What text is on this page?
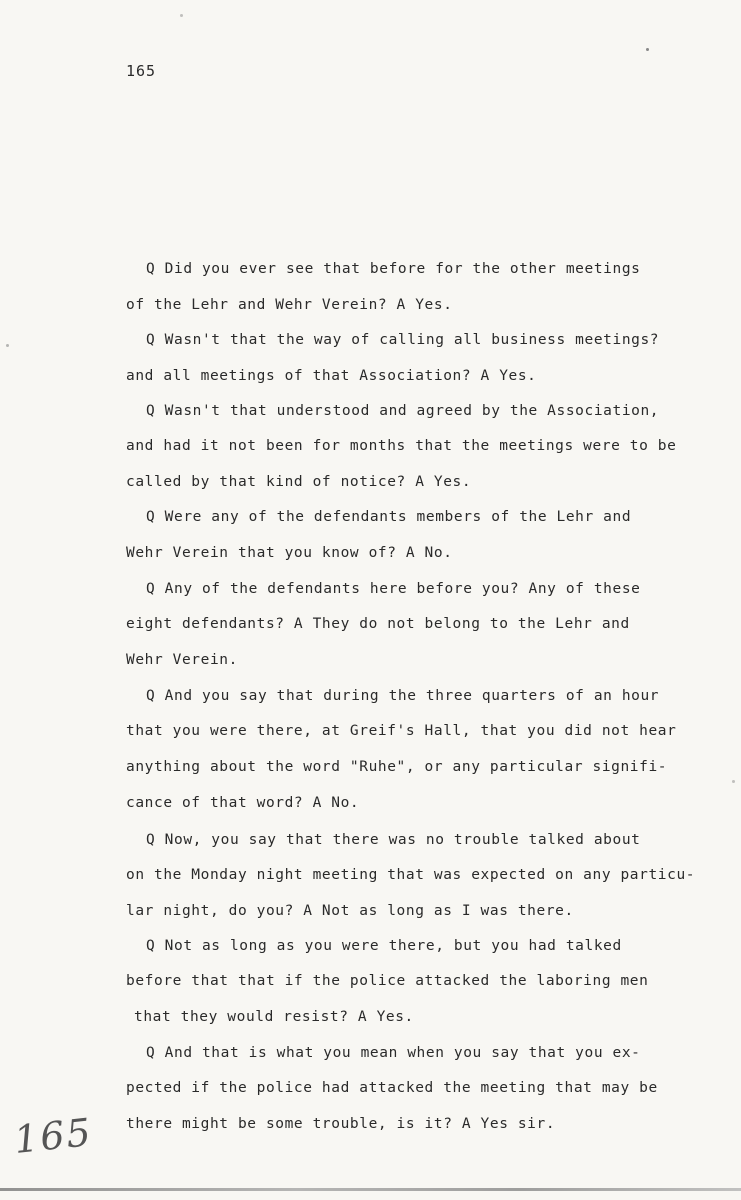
165
Q Did you ever see that before for the other meetings
of the Lehr and Wehr Verein? A Yes.
Q Wasn't that the way of calling all business meetings?
and all meetings of that Association? A Yes.
Q Wasn't that understood and agreed by the Association,
and had it not been for months that the meetings were to be
called by that kind of notice? A Yes.
Q Were any of the defendants members of the Lehr and
Wehr Verein that you know of? A No.
Q Any of the defendants here before you? Any of these
eight defendants? A They do not belong to the Lehr and
Wehr Verein.
Q And you say that during the three quarters of an hour
that you were there, at Greif's Hall, that you did not hear
anything about the word "Ruhe", or any particular signifi-
cance of that word? A No.
Q Now, you say that there was no trouble talked about
on the Monday night meeting that was expected on any particu-
lar night, do you? A Not as long as I was there.
Q Not as long as you were there, but you had talked
before that that if the police attacked the laboring men
that they would resist? A Yes.
Q And that is what you mean when you say that you ex-
pected if the police had attacked the meeting that may be
there might be some trouble, is it? A Yes sir.
165
